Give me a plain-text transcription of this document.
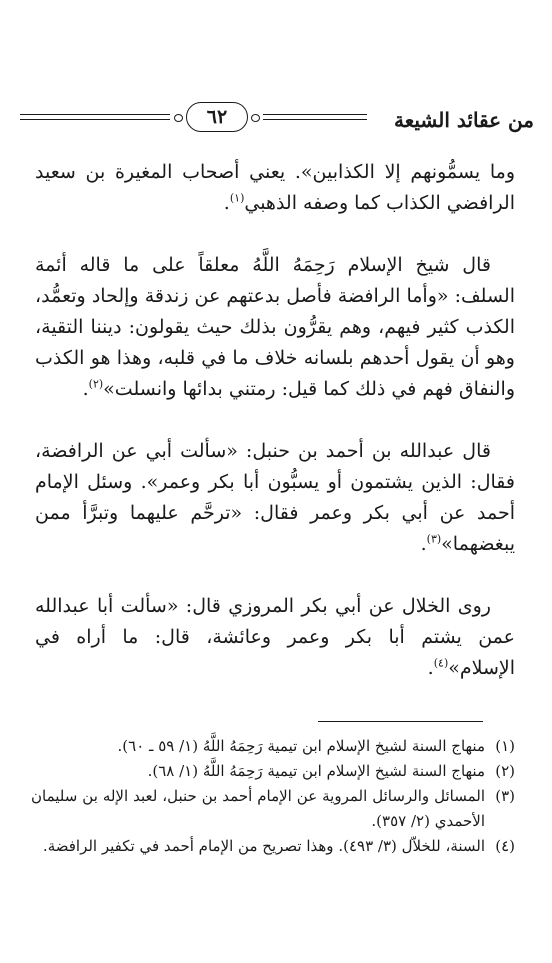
٦٢	من عقائد الشيعة

وما يسمُّونهم إلا الكذابين». يعني أصحاب المغيرة بن سعيد الرافضي الكذاب كما وصفه الذهبي$^{(١)}$.

قال شيخ الإسلام رَحِمَهُ اللَّهُ معلقاً على ما قاله أئمة السلف: «وأما الرافضة فأصل بدعتهم عن زندقة وإلحاد وتعمُّد، الكذب كثير فيهم، وهم يقرُّون بذلك حيث يقولون: ديننا التقية، وهو أن يقول أحدهم بلسانه خلاف ما في قلبه، وهذا هو الكذب والنفاق فهم في ذلك كما قيل: رمتني بدائها وانسلت»$^{(٢)}$.

قال عبدالله بن أحمد بن حنبل: «سألت أبي عن الرافضة، فقال: الذين يشتمون أو يسبُّون أبا بكر وعمر». وسئل الإمام أحمد عن أبي بكر وعمر فقال: «ترحَّم عليهما وتبرَّأ ممن يبغضهما»$^{(٣)}$.

روى الخلال عن أبي بكر المروزي قال: «سألت أبا عبدالله عمن يشتم أبا بكر وعمر وعائشة، قال: ما أراه في الإسلام»$^{(٤)}$.

(١)
منهاج السنة لشيخ الإسلام ابن تيمية رَحِمَهُ اللَّهُ (١/ ٥٩ ـ ٦٠).
(٢)
منهاج السنة لشيخ الإسلام ابن تيمية رَحِمَهُ اللَّهُ (١/ ٦٨).
(٣)
المسائل والرسائل المروية عن الإمام أحمد بن حنبل، لعبد الإله بن سليمان الأحمدي (٢/ ٣٥٧).
(٤)
السنة، للخلاّل (٣/ ٤٩٣). وهذا تصريح من الإمام أحمد في تكفير الرافضة.
